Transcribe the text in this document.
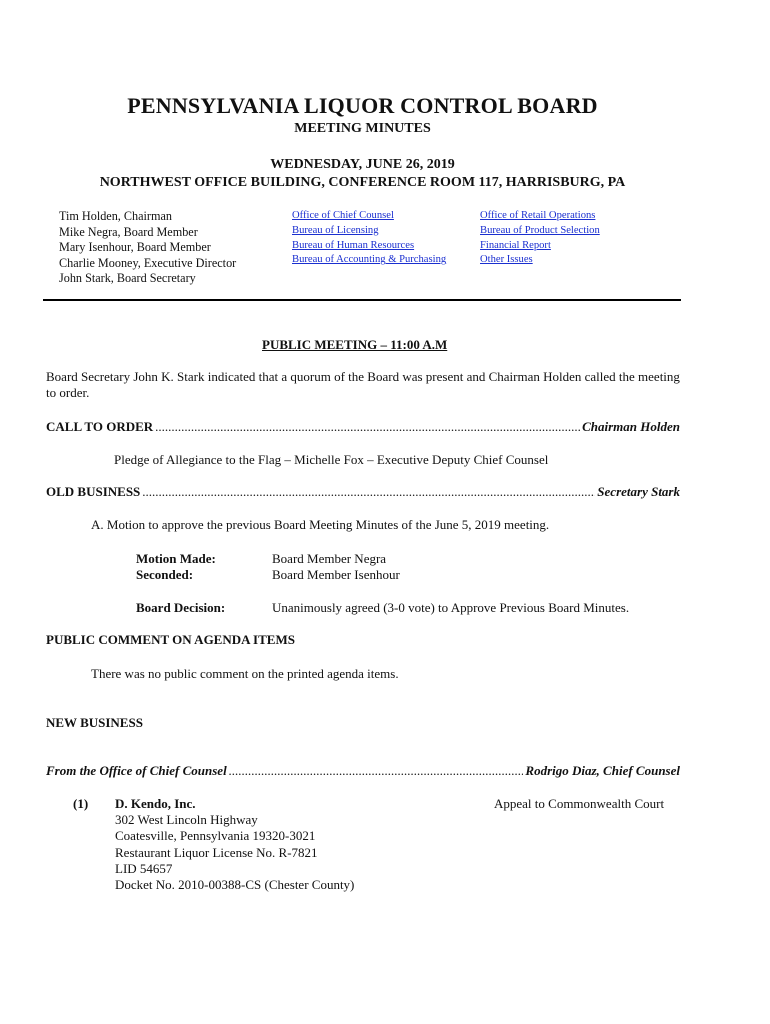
PENNSYLVANIA LIQUOR CONTROL BOARD
MEETING MINUTES
WEDNESDAY, JUNE 26, 2019
NORTHWEST OFFICE BUILDING, CONFERENCE ROOM 117, HARRISBURG, PA
Tim Holden, Chairman
Mike Negra, Board Member
Mary Isenhour, Board Member
Charlie Mooney, Executive Director
John Stark, Board Secretary
Office of Chief Counsel
Bureau of Licensing
Bureau of Human Resources
Bureau of Accounting & Purchasing
Office of Retail Operations
Bureau of Product Selection
Financial Report
Other Issues
PUBLIC MEETING – 11:00 A.M
Board Secretary John K. Stark indicated that a quorum of the Board was present and Chairman Holden called the meeting to order.
CALL TO ORDER .....	Chairman Holden
Pledge of Allegiance to the Flag – Michelle Fox – Executive Deputy Chief Counsel
OLD BUSINESS .....	Secretary Stark
A. Motion to approve the previous Board Meeting Minutes of the June 5, 2019 meeting.
Motion Made:	Board Member Negra
Seconded:	Board Member Isenhour
Board Decision:	Unanimously agreed (3-0 vote) to Approve Previous Board Minutes.
PUBLIC COMMENT ON AGENDA ITEMS
There was no public comment on the printed agenda items.
NEW BUSINESS
From the Office of Chief Counsel .....	Rodrigo Diaz, Chief Counsel
(1) D. Kendo, Inc.	Appeal to Commonwealth Court
302 West Lincoln Highway
Coatesville, Pennsylvania 19320-3021
Restaurant Liquor License No. R-7821
LID 54657
Docket No. 2010-00388-CS (Chester County)
